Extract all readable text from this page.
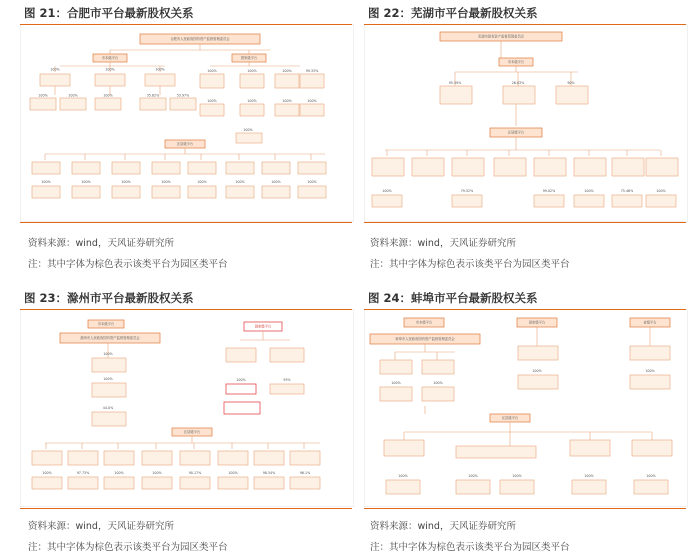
图 21：合肥市平台最新股权关系	图 22：芜湖市平台最新股权关系
图 23：滁州市平台最新股权关系	图 24：蚌埠市平台最新股权关系
资料来源：wind，天风证券研究所
注：其中字体为棕色表示该类平台为园区类平台
资料来源：wind，天风证券研究所
注：其中字体为棕色表示该类平台为园区类平台
资料来源：wind，天风证券研究所
注：其中字体为棕色表示该类平台为园区类平台
资料来源：wind，天风证券研究所
注：其中字体为棕色表示该类平台为园区类平台
合肥市人民政府国有资产监督管理委员会
市本级平台	国家级平台
100%	100%	100%
100%	100%	100%	35.62%	53.97%
100%	100%	100%	99.33%
100%	100%	100%	100%
100%
区县级平台
100%	100%	100%	100%	100%	100%	100%	100%
芜湖市国有资产监督管理委员会
市本级平台
95.59%	26.03%	90%
区县级平台
100%	79.52%	99.02%	100%	75.46%	100%
市本级平台
滁州市人民政府国有资产监督管理委员会
国家级平台
100%
100%
44.0%
100%	93%
区县级平台
100%	97.73%	100%	100%	90.17%	100%	98.54%	96.1%
市本级平台
蚌埠市人民政府国有资产监督管理委员会
国家级平台	省级平台
100%	100%
100%	100%
区县级平台
100%	100%	100%	100%	100%
